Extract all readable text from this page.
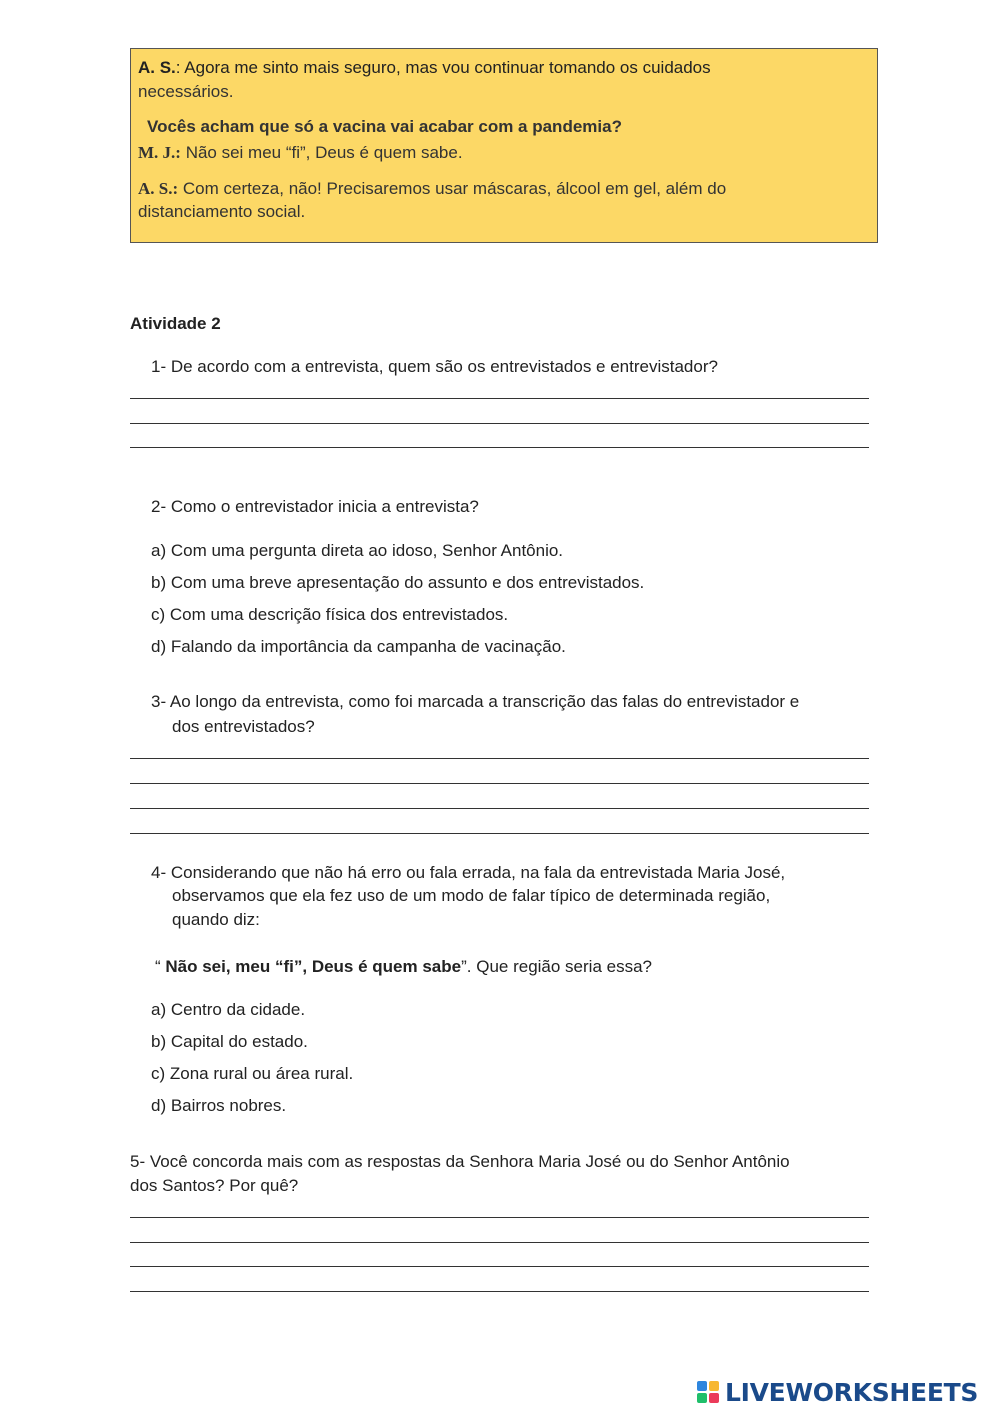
A. S.: Agora me sinto mais seguro, mas vou continuar tomando os cuidados
necessários.
Vocês acham que só a vacina vai acabar com a pandemia?
M. J.: Não sei meu “fi”, Deus é quem sabe.
A. S.: Com certeza, não! Precisaremos usar máscaras, álcool em gel, além do
distanciamento social.
Atividade 2
1- De acordo com a entrevista, quem são os entrevistados e entrevistador?
2- Como o entrevistador inicia a entrevista?
a) Com uma pergunta direta ao idoso, Senhor Antônio.
b) Com uma breve apresentação do assunto e dos entrevistados.
c) Com uma descrição física dos entrevistados.
d) Falando da importância da campanha de vacinação.
3- Ao longo da entrevista, como foi marcada a transcrição das falas do entrevistador e
dos entrevistados?
4- Considerando que não há erro ou fala errada, na fala da entrevistada Maria José,
observamos que ela fez uso de um modo de falar típico de determinada região,
quando diz:
“ Não sei, meu “fi”, Deus é quem sabe”. Que região seria essa?
a) Centro da cidade.
b) Capital do estado.
c) Zona rural ou área rural.
d) Bairros nobres.
5- Você concorda mais com as respostas da Senhora Maria José ou do Senhor Antônio
dos Santos? Por quê?
LIVEWORKSHEETS
